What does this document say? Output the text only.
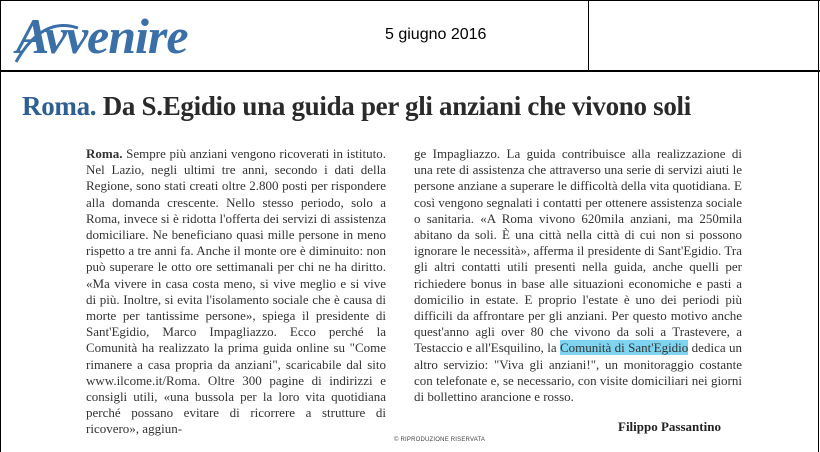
Avvenire	5 giugno 2016
Roma. Da S.Egidio una guida per gli anziani che vivono soli

Roma. Sempre più anziani vengono ricoverati in istituto. Nel Lazio, negli ultimi tre anni, secondo i dati della Regione, sono stati creati oltre 2.800 posti per rispondere alla domanda crescente. Nello stesso periodo, solo a Roma, invece si è ridotta l'offerta dei servizi di assistenza domiciliare. Ne beneficiano quasi mille persone in meno rispetto a tre anni fa. Anche il monte ore è diminuito: non può superare le otto ore settimanali per chi ne ha diritto. «Ma vivere in casa costa meno, si vive meglio e si vive di più. Inoltre, si evita l'isolamento sociale che è causa di morte per tantissime persone», spiega il presidente di Sant'Egidio, Marco Impagliazzo. Ecco perché la Comunità ha realizzato la prima guida online su "Come rimanere a casa propria da anziani", scaricabile dal sito www.ilcome.it/Roma. Oltre 300 pagine di indirizzi e consigli utili, «una bussola per la loro vita quotidiana perché possano evitare di ricorrere a strutture di ricovero», aggiun-

ge Impagliazzo. La guida contribuisce alla realizzazione di una rete di assistenza che attraverso una serie di servizi aiuti le persone anziane a superare le difficoltà della vita quotidiana. E così vengono segnalati i contatti per ottenere assistenza sociale o sanitaria. «A Roma vivono 620mila anziani, ma 250mila abitano da soli. È una città nella città di cui non si possono ignorare le necessità», afferma il presidente di Sant'Egidio. Tra gli altri contatti utili presenti nella guida, anche quelli per richiedere bonus in base alle situazioni economiche e pasti a domicilio in estate. E proprio l'estate è uno dei periodi più difficili da affrontare per gli anziani. Per questo motivo anche quest'anno agli over 80 che vivono da soli a Trastevere, a Testaccio e all'Esquilino, la Comunità di Sant'Egidio dedica un altro servizio: "Viva gli anziani!", un monitoraggio costante con telefonate e, se necessario, con visite domiciliari nei giorni di bollettino arancione e rosso.

Filippo Passantino
© RIPRODUZIONE RISERVATA
